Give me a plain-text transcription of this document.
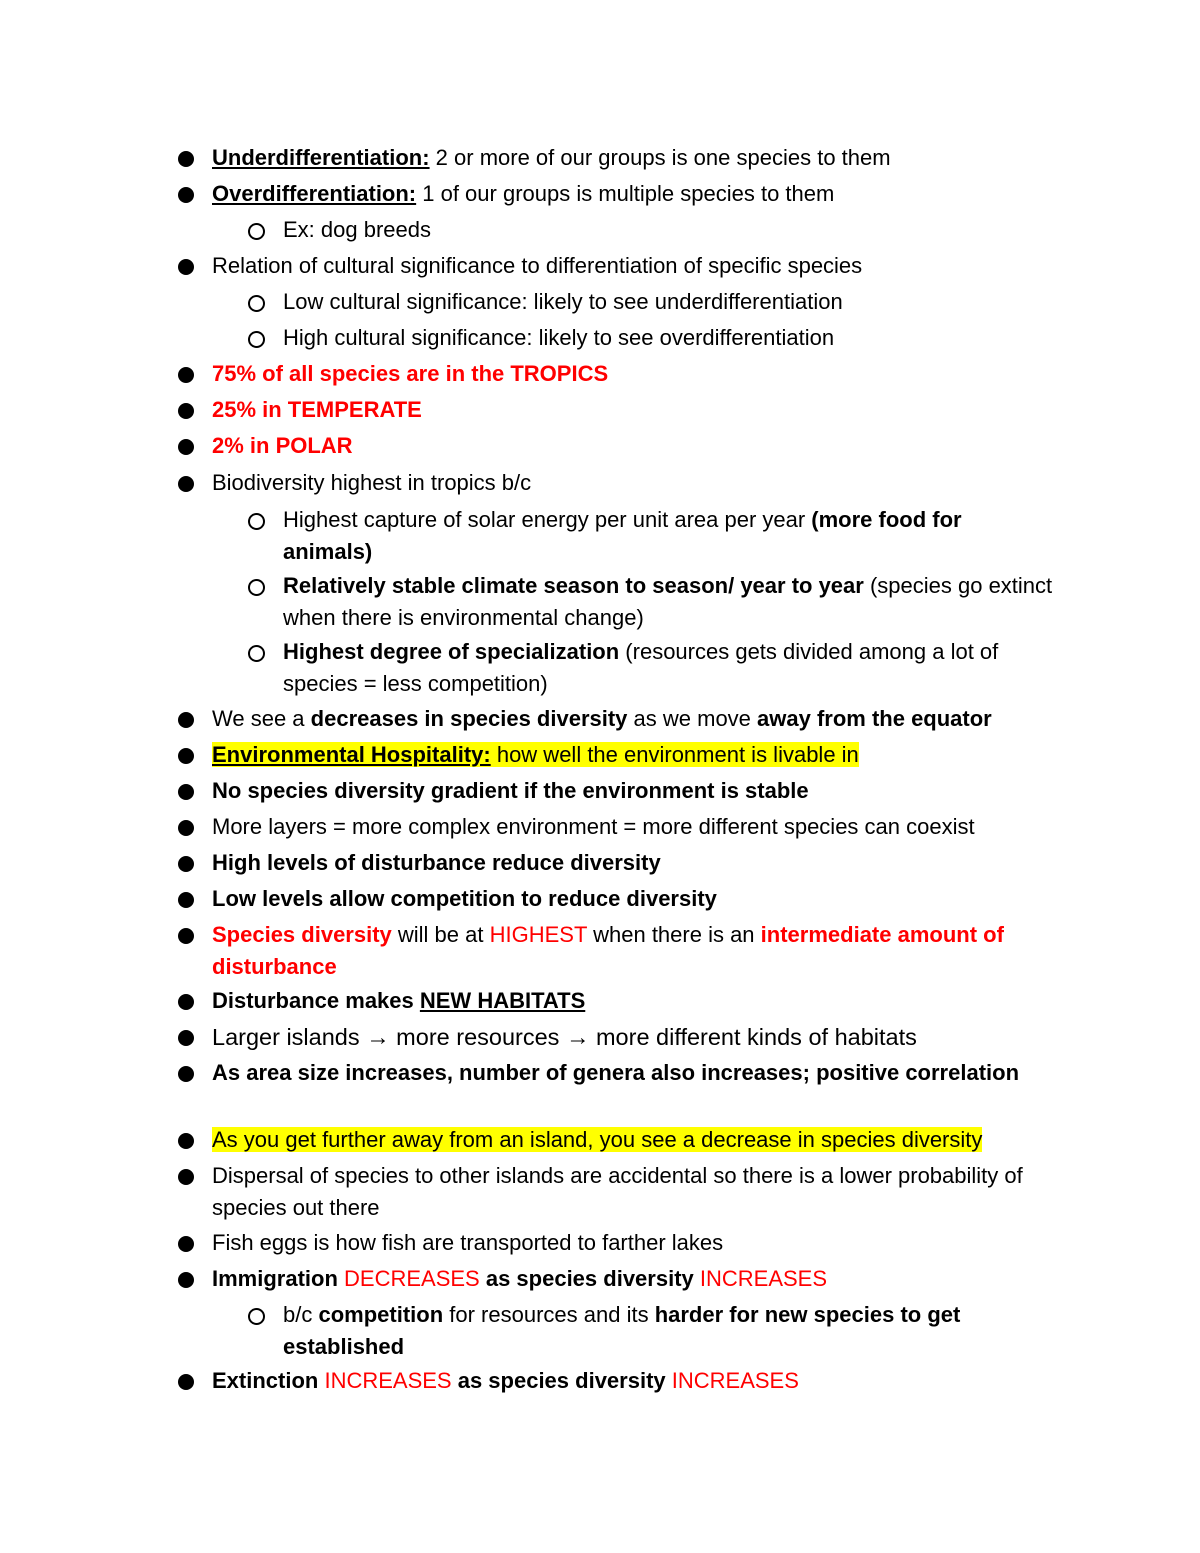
Underdifferentiation: 2 or more of our groups is one species to them
Overdifferentiation: 1 of our groups is multiple species to them
Ex: dog breeds
Relation of cultural significance to differentiation of specific species
Low cultural significance: likely to see underdifferentiation
High cultural significance: likely to see overdifferentiation
75% of all species are in the TROPICS
25% in TEMPERATE
2% in POLAR
Biodiversity highest in tropics b/c
Highest capture of solar energy per unit area per year (more food for animals)
Relatively stable climate season to season/ year to year (species go extinct when there is environmental change)
Highest degree of specialization (resources gets divided among a lot of species = less competition)
We see a decreases in species diversity as we move away from the equator
Environmental Hospitality: how well the environment is livable in
No species diversity gradient if the environment is stable
More layers = more complex environment = more different species can coexist
High levels of disturbance reduce diversity
Low levels allow competition to reduce diversity
Species diversity will be at HIGHEST when there is an intermediate amount of disturbance
Disturbance makes NEW HABITATS
Larger islands → more resources → more different kinds of habitats
As area size increases, number of genera also increases; positive correlation
As you get further away from an island, you see a decrease in species diversity
Dispersal of species to other islands are accidental so there is a lower probability of species out there
Fish eggs is how fish are transported to farther lakes
Immigration DECREASES as species diversity INCREASES
b/c competition for resources and its harder for new species to get established
Extinction INCREASES as species diversity INCREASES
